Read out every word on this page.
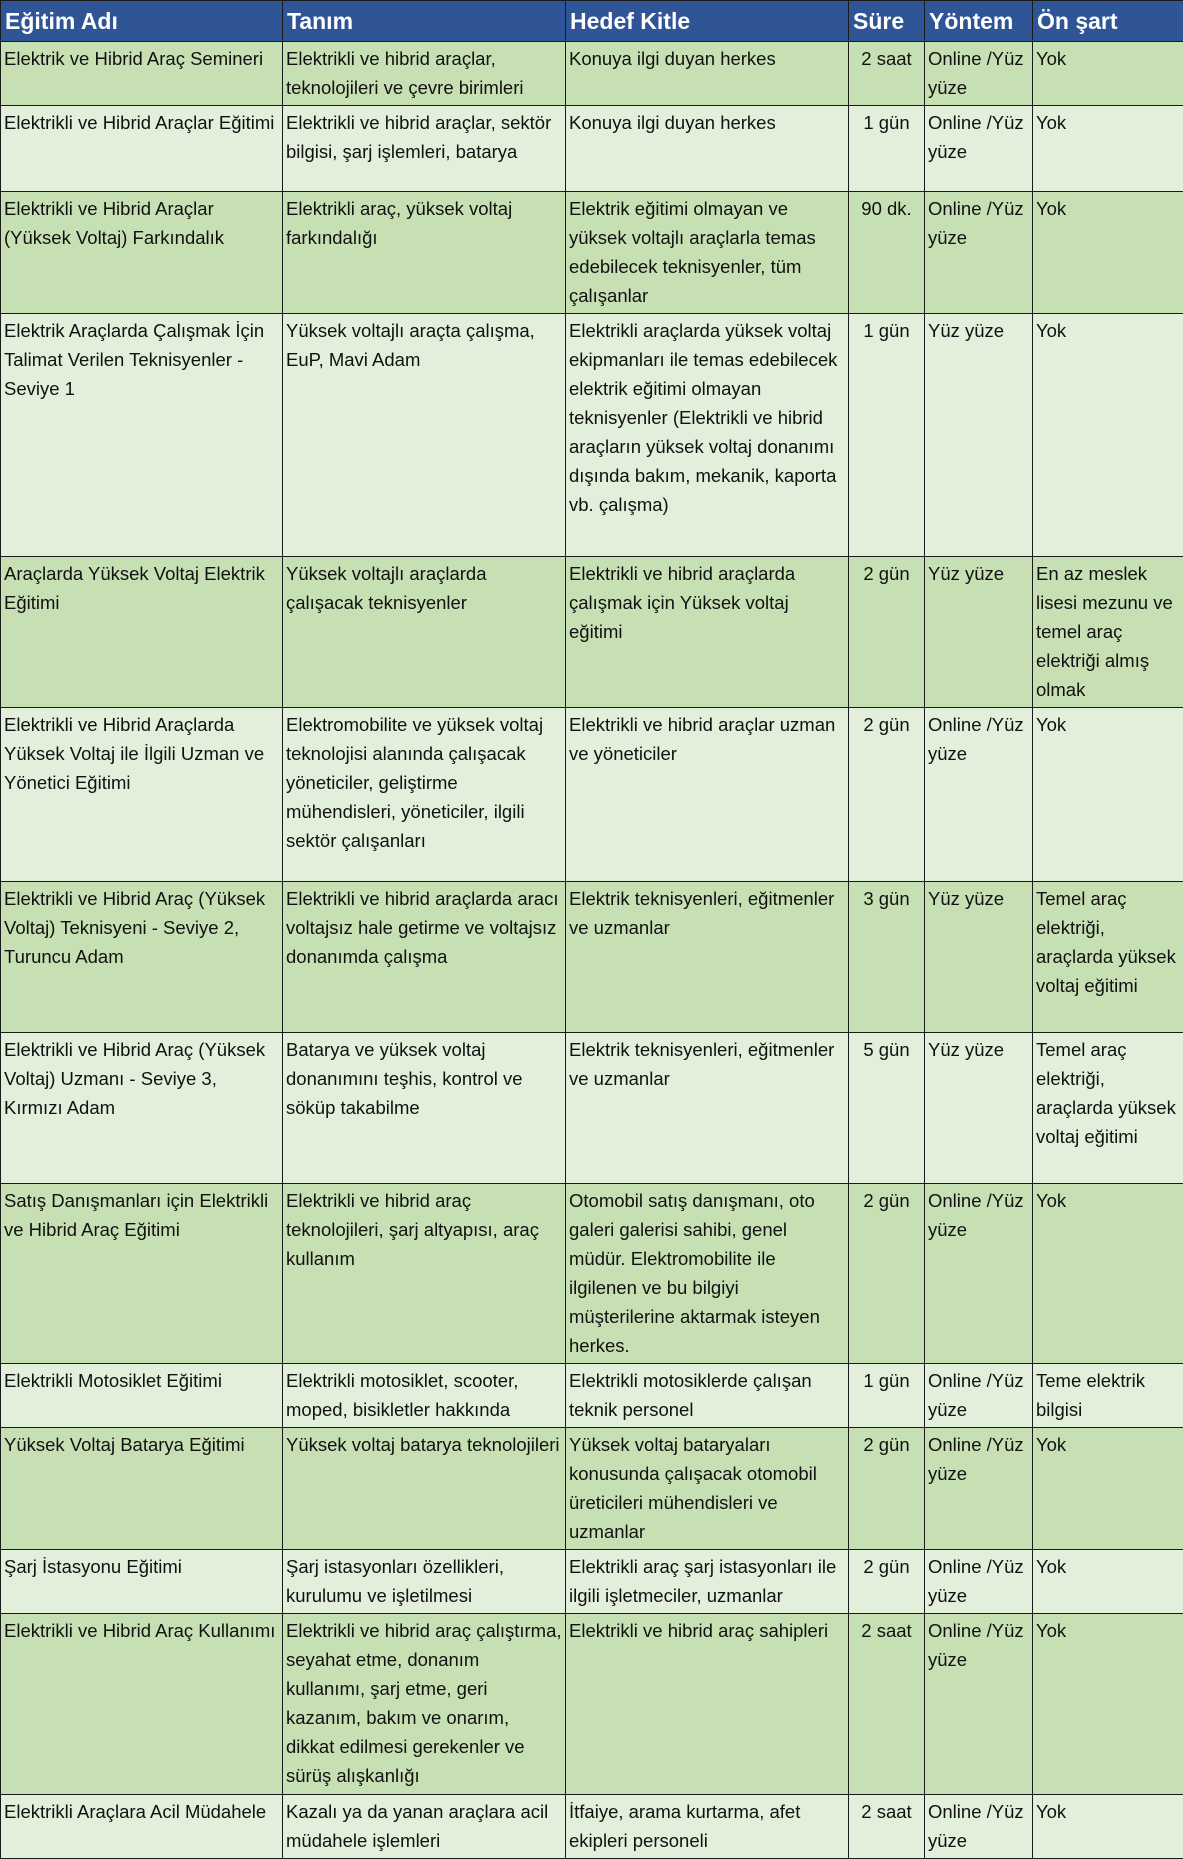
Eğitim Adı	Tanım	Hedef Kitle	Süre	Yöntem	Ön şart
Elektrik ve Hibrid Araç Semineri	Elektrikli ve hibrid araçlar, teknolojileri ve çevre birimleri	Konuya ilgi duyan herkes	2 saat	Online /Yüz yüze	Yok
Elektrikli ve Hibrid Araçlar Eğitimi	Elektrikli ve hibrid araçlar, sektör bilgisi, şarj işlemleri, batarya	Konuya ilgi duyan herkes	1 gün	Online /Yüz yüze	Yok
Elektrikli ve Hibrid Araçlar (Yüksek Voltaj) Farkındalık	Elektrikli araç, yüksek voltaj farkındalığı	Elektrik eğitimi olmayan ve yüksek voltajlı araçlarla temas edebilecek teknisyenler, tüm çalışanlar	90 dk.	Online /Yüz yüze	Yok
Elektrik Araçlarda Çalışmak İçin Talimat Verilen Teknisyenler - Seviye 1	Yüksek voltajlı araçta çalışma, EuP, Mavi Adam	Elektrikli araçlarda yüksek voltaj ekipmanları ile temas edebilecek elektrik eğitimi olmayan teknisyenler (Elektrikli ve hibrid araçların yüksek voltaj donanımı dışında bakım, mekanik, kaporta vb. çalışma)	1 gün	Yüz yüze	Yok
Araçlarda Yüksek Voltaj Elektrik Eğitimi	Yüksek voltajlı araçlarda çalışacak teknisyenler	Elektrikli ve hibrid araçlarda çalışmak için Yüksek voltaj eğitimi	2 gün	Yüz yüze	En az meslek lisesi mezunu ve temel araç elektriği almış olmak
Elektrikli ve Hibrid Araçlarda Yüksek Voltaj ile İlgili Uzman ve Yönetici Eğitimi	Elektromobilite ve yüksek voltaj teknolojisi alanında çalışacak yöneticiler, geliştirme mühendisleri, yöneticiler, ilgili sektör çalışanları	Elektrikli ve hibrid araçlar uzman ve yöneticiler	2 gün	Online /Yüz yüze	Yok
Elektrikli ve Hibrid Araç (Yüksek Voltaj) Teknisyeni - Seviye 2, Turuncu Adam	Elektrikli ve hibrid araçlarda aracı voltajsız hale getirme ve voltajsız donanımda çalışma	Elektrik teknisyenleri, eğitmenler ve uzmanlar	3 gün	Yüz yüze	Temel araç elektriği, araçlarda yüksek voltaj eğitimi
Elektrikli ve Hibrid Araç (Yüksek Voltaj) Uzmanı - Seviye 3, Kırmızı Adam	Batarya ve yüksek voltaj donanımını teşhis, kontrol ve söküp takabilme	Elektrik teknisyenleri, eğitmenler ve uzmanlar	5 gün	Yüz yüze	Temel araç elektriği, araçlarda yüksek voltaj eğitimi
Satış Danışmanları için Elektrikli ve Hibrid Araç Eğitimi	Elektrikli ve hibrid araç teknolojileri, şarj altyapısı, araç kullanım	Otomobil satış danışmanı, oto galeri galerisi sahibi, genel müdür. Elektromobilite ile ilgilenen ve bu bilgiyi müşterilerine aktarmak isteyen herkes.	2 gün	Online /Yüz yüze	Yok
Elektrikli Motosiklet Eğitimi	Elektrikli motosiklet, scooter, moped, bisikletler hakkında	Elektrikli motosiklerde çalışan teknik personel	1 gün	Online /Yüz yüze	Teme elektrik bilgisi
Yüksek Voltaj Batarya Eğitimi	Yüksek voltaj batarya teknolojileri	Yüksek voltaj bataryaları konusunda çalışacak otomobil üreticileri mühendisleri ve uzmanlar	2 gün	Online /Yüz yüze	Yok
Şarj İstasyonu Eğitimi	Şarj istasyonları özellikleri, kurulumu ve işletilmesi	Elektrikli araç şarj istasyonları ile ilgili işletmeciler, uzmanlar	2 gün	Online /Yüz yüze	Yok
Elektrikli ve Hibrid Araç Kullanımı	Elektrikli ve hibrid araç çalıştırma, seyahat etme, donanım kullanımı, şarj etme, geri kazanım, bakım ve onarım, dikkat edilmesi gerekenler ve sürüş alışkanlığı	Elektrikli ve hibrid araç sahipleri	2 saat	Online /Yüz yüze	Yok
Elektrikli Araçlara Acil Müdahele	Kazalı ya da yanan araçlara acil müdahele işlemleri	İtfaiye, arama kurtarma, afet ekipleri personeli	2 saat	Online /Yüz yüze	Yok
